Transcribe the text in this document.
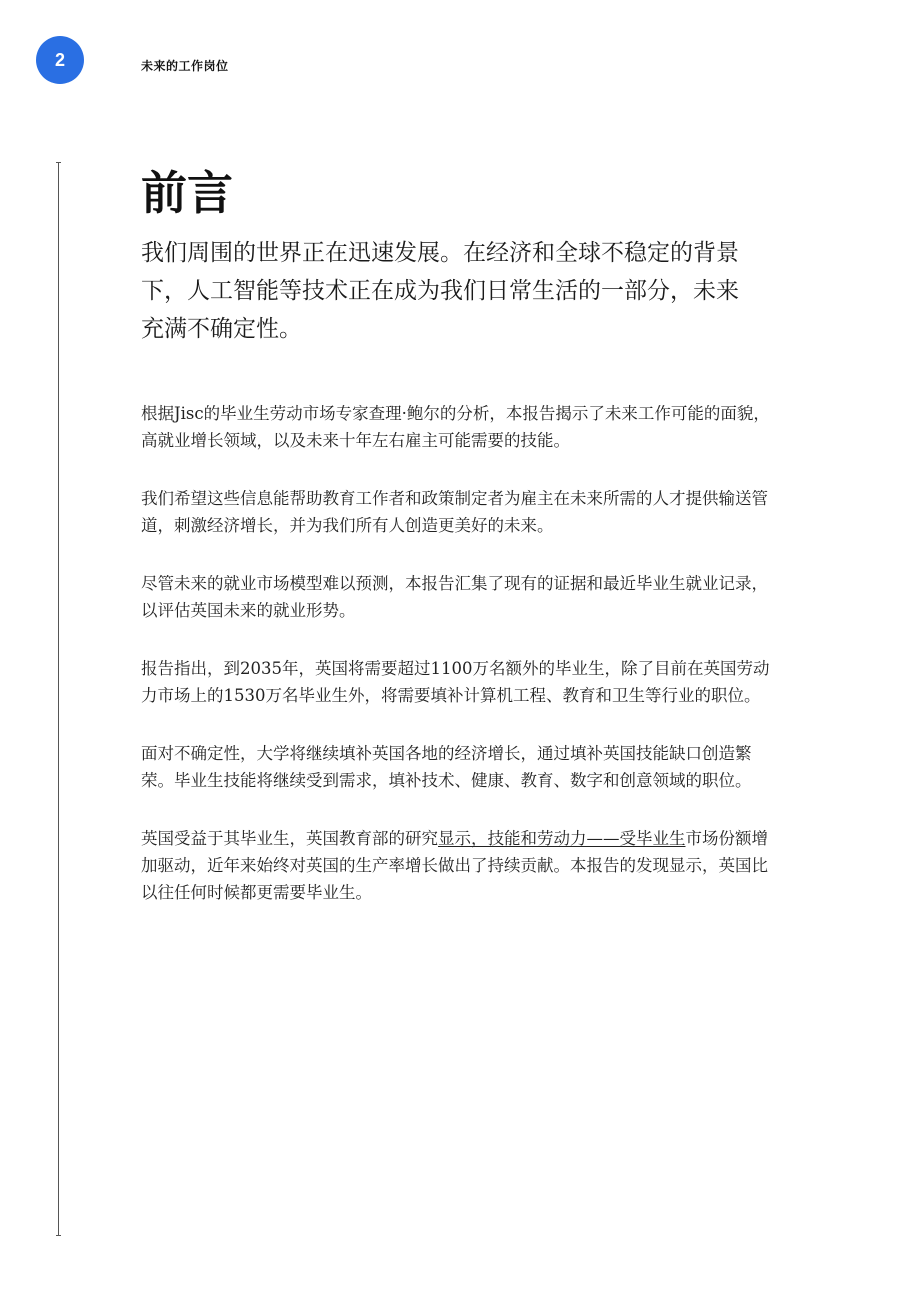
2	未来的工作岗位
前言

我们周围的世界正在迅速发展。在经济和全球不稳定的背景下，人工智能等技术正在成为我们日常生活的一部分，未来充满不确定性。

根据Jisc的毕业生劳动市场专家查理·鲍尔的分析，本报告揭示了未来工作可能的面貌，高就业增长领域，以及未来十年左右雇主可能需要的技能。

我们希望这些信息能帮助教育工作者和政策制定者为雇主在未来所需的人才提供输送管道，刺激经济增长，并为我们所有人创造更美好的未来。

尽管未来的就业市场模型难以预测，本报告汇集了现有的证据和最近毕业生就业记录，以评估英国未来的就业形势。

报告指出，到2035年，英国将需要超过1100万名额外的毕业生，除了目前在英国劳动力市场上的1530万名毕业生外，将需要填补计算机工程、教育和卫生等行业的职位。

面对不确定性，大学将继续填补英国各地的经济增长，通过填补英国技能缺口创造繁荣。毕业生技能将继续受到需求，填补技术、健康、教育、数字和创意领域的职位。

英国受益于其毕业生，英国教育部的研究显示，技能和劳动力——受毕业生市场份额增加驱动，近年来始终对英国的生产率增长做出了持续贡献。本报告的发现显示，英国比以往任何时候都更需要毕业生。
